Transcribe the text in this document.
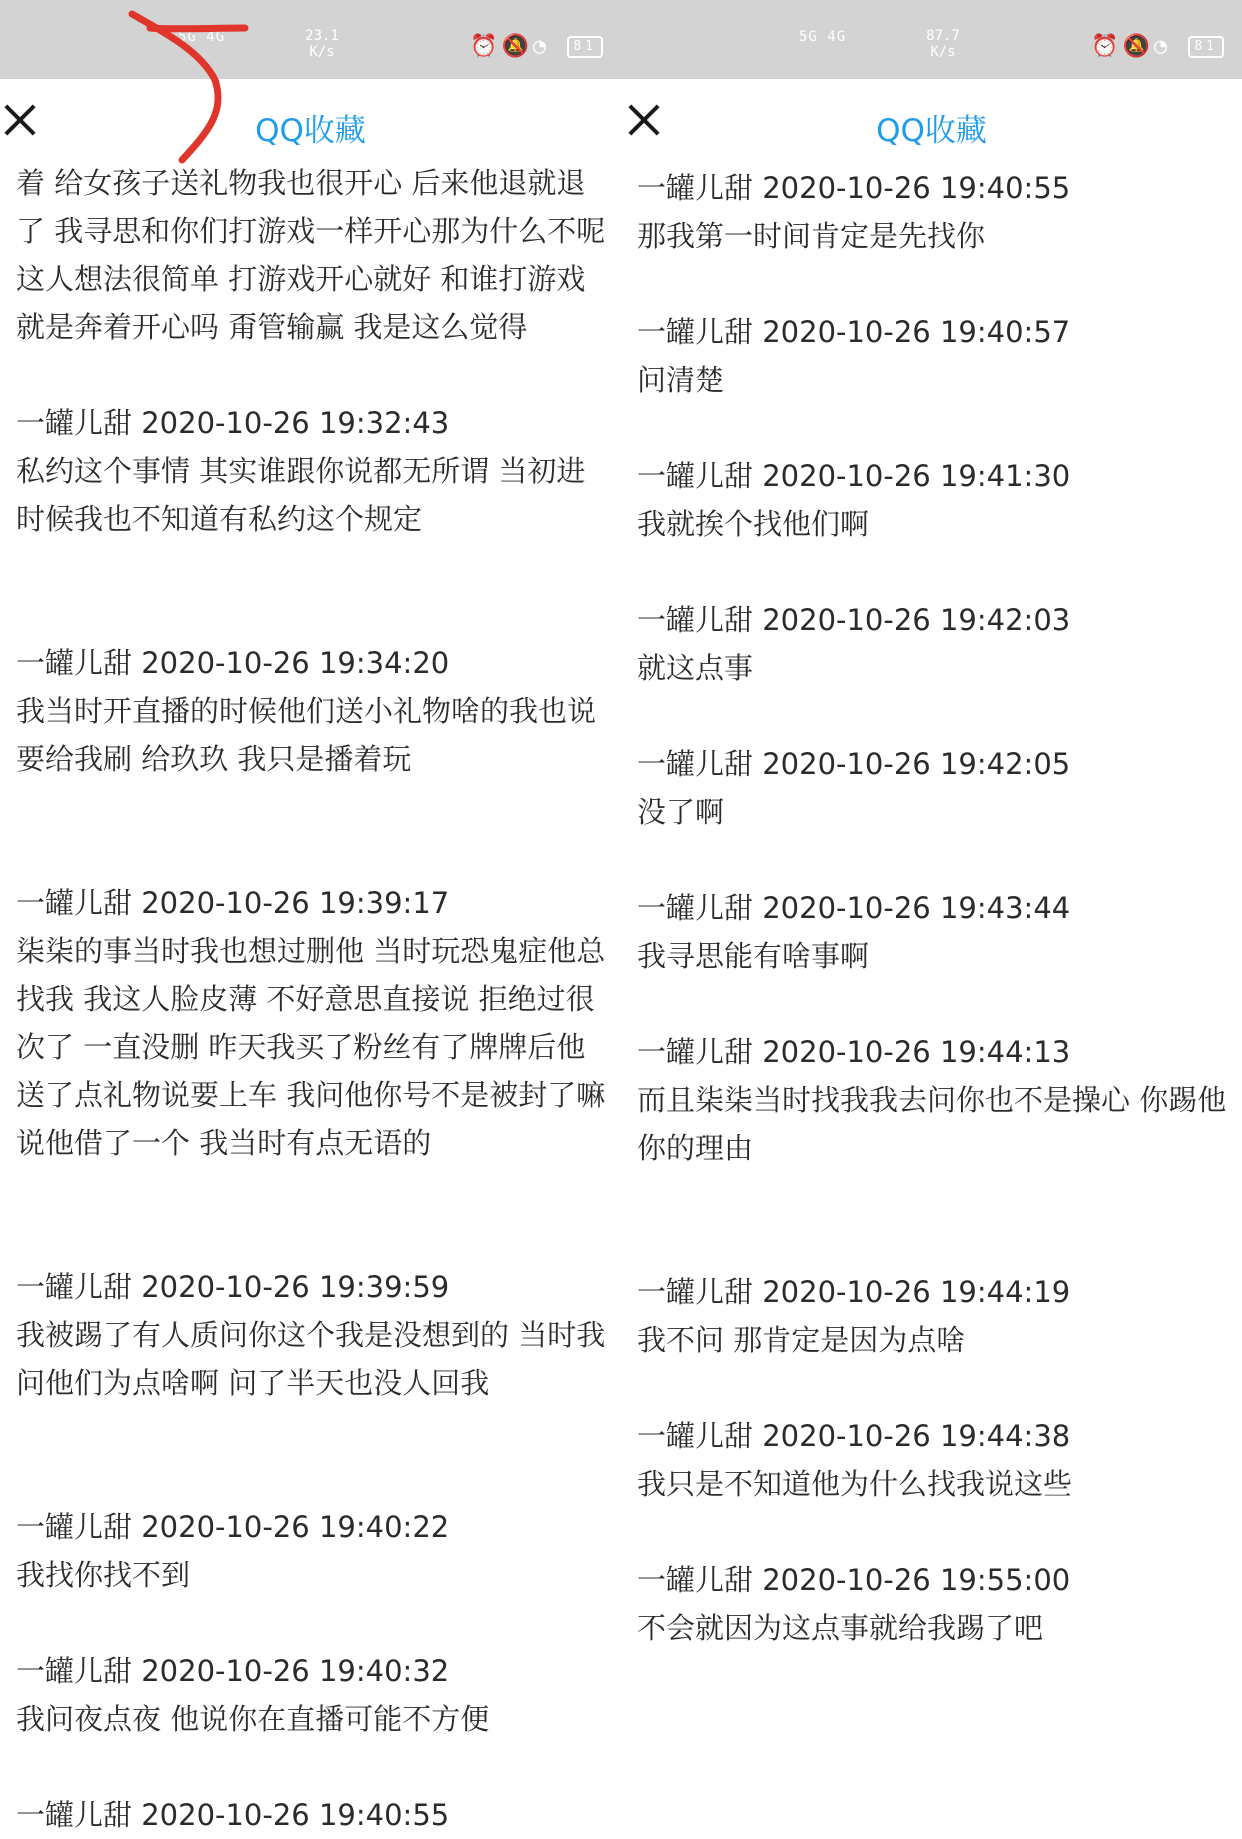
5G 4G	23.1
K/s	⏰🔕◔ 81
QQ收藏
着 给女孩子送礼物我也很开心 后来他退就退
了 我寻思和你们打游戏一样开心那为什么不呢
这人想法很简单 打游戏开心就好 和谁打游戏
就是奔着开心吗 甭管输赢 我是这么觉得
一罐儿甜 2020-10-26 19:32:43
私约这个事情 其实谁跟你说都无所谓 当初进
时候我也不知道有私约这个规定
一罐儿甜 2020-10-26 19:34:20
我当时开直播的时候他们送小礼物啥的我也说
要给我刷 给玖玖 我只是播着玩
一罐儿甜 2020-10-26 19:39:17
柒柒的事当时我也想过删他 当时玩恐鬼症他总
找我 我这人脸皮薄 不好意思直接说 拒绝过很
次了 一直没删 昨天我买了粉丝有了牌牌后他
送了点礼物说要上车 我问他你号不是被封了嘛
说他借了一个 我当时有点无语的
一罐儿甜 2020-10-26 19:39:59
我被踢了有人质问你这个我是没想到的 当时我
问他们为点啥啊 问了半天也没人回我
一罐儿甜 2020-10-26 19:40:22
我找你找不到
一罐儿甜 2020-10-26 19:40:32
我问夜点夜 他说你在直播可能不方便
一罐儿甜 2020-10-26 19:40:55
5G 4G	87.7
K/s	⏰🔕◔ 81
QQ收藏
一罐儿甜 2020-10-26 19:40:55
那我第一时间肯定是先找你
一罐儿甜 2020-10-26 19:40:57
问清楚
一罐儿甜 2020-10-26 19:41:30
我就挨个找他们啊
一罐儿甜 2020-10-26 19:42:03
就这点事
一罐儿甜 2020-10-26 19:42:05
没了啊
一罐儿甜 2020-10-26 19:43:44
我寻思能有啥事啊
一罐儿甜 2020-10-26 19:44:13
而且柒柒当时找我我去问你也不是操心 你踢他
你的理由
一罐儿甜 2020-10-26 19:44:19
我不问 那肯定是因为点啥
一罐儿甜 2020-10-26 19:44:38
我只是不知道他为什么找我说这些
一罐儿甜 2020-10-26 19:55:00
不会就因为这点事就给我踢了吧
